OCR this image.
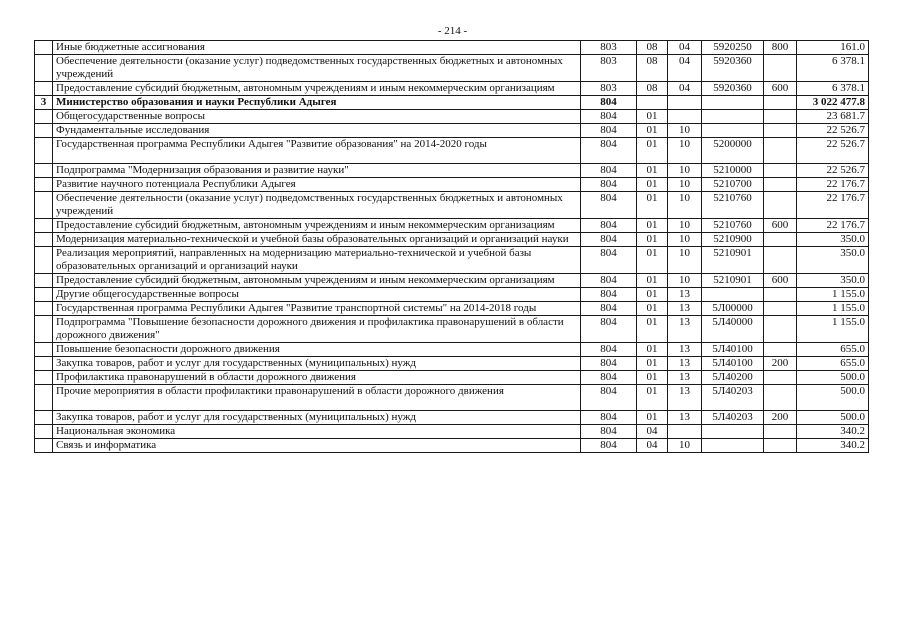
- 214 -
	Иные бюджетные ассигнования	803	08	04	5920250	800	161.0
	Обеспечение деятельности (оказание услуг) подведомственных государственных бюджетных и автономных учреждений	803	08	04	5920360		6 378.1
	Предоставление субсидий бюджетным, автономным учреждениям и иным некоммерческим организациям	803	08	04	5920360	600	6 378.1
3	Министерство образования и науки Республики Адыгея	804					3 022 477.8
	Общегосударственные вопросы	804	01				23 681.7
	Фундаментальные исследования	804	01	10			22 526.7
	Государственная программа Республики Адыгея "Развитие образования" на 2014-2020 годы	804	01	10	5200000		22 526.7
	Подпрограмма "Модернизация образования и развитие науки"	804	01	10	5210000		22 526.7
	Развитие научного потенциала Республики Адыгея	804	01	10	5210700		22 176.7
	Обеспечение деятельности (оказание услуг) подведомственных государственных бюджетных и автономных учреждений	804	01	10	5210760		22 176.7
	Предоставление субсидий бюджетным, автономным учреждениям и иным некоммерческим организациям	804	01	10	5210760	600	22 176.7
	Модернизация материально-технической и учебной базы образовательных организаций и организаций науки	804	01	10	5210900		350.0
	Реализация мероприятий, направленных на модернизацию материально-технической и учебной базы образовательных организаций и организаций науки	804	01	10	5210901		350.0
	Предоставление субсидий бюджетным, автономным учреждениям и иным некоммерческим организациям	804	01	10	5210901	600	350.0
	Другие общегосударственные вопросы	804	01	13			1 155.0
	Государственная программа Республики Адыгея "Развитие транспортной системы" на 2014-2018 годы	804	01	13	5Л00000		1 155.0
	Подпрограмма "Повышение безопасности дорожного движения и профилактика правонарушений в области дорожного движения"	804	01	13	5Л40000		1 155.0
	Повышение безопасности дорожного движения	804	01	13	5Л40100		655.0
	Закупка товаров, работ и услуг для государственных (муниципальных) нужд	804	01	13	5Л40100	200	655.0
	Профилактика правонарушений в области дорожного движения	804	01	13	5Л40200		500.0
	Прочие мероприятия в области профилактики правонарушений в области дорожного движения	804	01	13	5Л40203		500.0
	Закупка товаров, работ и услуг для государственных (муниципальных) нужд	804	01	13	5Л40203	200	500.0
	Национальная экономика	804	04				340.2
	Связь и информатика	804	04	10			340.2
